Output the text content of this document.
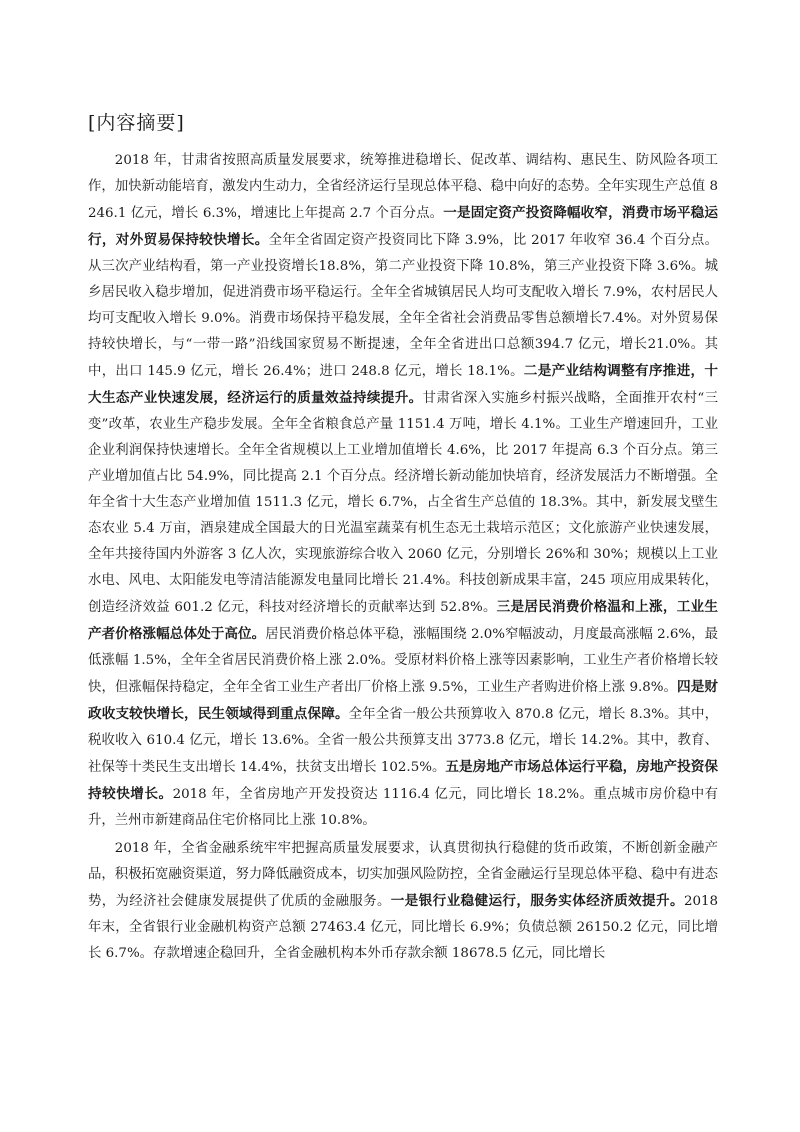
[内容摘要]

2018 年，甘肃省按照高质量发展要求，统筹推进稳增长、促改革、调结构、惠民生、防风险各项工作，加快新动能培育，激发内生动力，全省经济运行呈现总体平稳、稳中向好的态势。全年实现生产总值 8246.1 亿元，增长 6.3%，增速比上年提高 2.7 个百分点。一是固定资产投资降幅收窄，消费市场平稳运行，对外贸易保持较快增长。全年全省固定资产投资同比下降 3.9%，比 2017 年收窄 36.4 个百分点。从三次产业结构看，第一产业投资增长18.8%，第二产业投资下降 10.8%，第三产业投资下降 3.6%。城乡居民收入稳步增加，促进消费市场平稳运行。全年全省城镇居民人均可支配收入增长 7.9%，农村居民人均可支配收入增长 9.0%。消费市场保持平稳发展，全年全省社会消费品零售总额增长7.4%。对外贸易保持较快增长，与“一带一路”沿线国家贸易不断提速，全年全省进出口总额394.7 亿元，增长21.0%。其中，出口 145.9 亿元，增长 26.4%；进口 248.8 亿元，增长 18.1%。二是产业结构调整有序推进，十大生态产业快速发展，经济运行的质量效益持续提升。甘肃省深入实施乡村振兴战略，全面推开农村“三变”改革，农业生产稳步发展。全年全省粮食总产量 1151.4 万吨，增长 4.1%。工业生产增速回升，工业企业利润保持快速增长。全年全省规模以上工业增加值增长 4.6%，比 2017 年提高 6.3 个百分点。第三产业增加值占比 54.9%，同比提高 2.1 个百分点。经济增长新动能加快培育，经济发展活力不断增强。全年全省十大生态产业增加值 1511.3 亿元，增长 6.7%，占全省生产总值的 18.3%。其中，新发展戈壁生态农业 5.4 万亩，酒泉建成全国最大的日光温室蔬菜有机生态无土栽培示范区；文化旅游产业快速发展，全年共接待国内外游客 3 亿人次，实现旅游综合收入 2060 亿元，分别增长 26%和 30%；规模以上工业水电、风电、太阳能发电等清洁能源发电量同比增长 21.4%。科技创新成果丰富，245 项应用成果转化，创造经济效益 601.2 亿元，科技对经济增长的贡献率达到 52.8%。三是居民消费价格温和上涨，工业生产者价格涨幅总体处于高位。居民消费价格总体平稳，涨幅围绕 2.0%窄幅波动，月度最高涨幅 2.6%，最低涨幅 1.5%，全年全省居民消费价格上涨 2.0%。受原材料价格上涨等因素影响，工业生产者价格增长较快，但涨幅保持稳定，全年全省工业生产者出厂价格上涨 9.5%，工业生产者购进价格上涨 9.8%。四是财政收支较快增长，民生领域得到重点保障。全年全省一般公共预算收入 870.8 亿元，增长 8.3%。其中，税收收入 610.4 亿元，增长 13.6%。全省一般公共预算支出 3773.8 亿元，增长 14.2%。其中，教育、社保等十类民生支出增长 14.4%，扶贫支出增长 102.5%。五是房地产市场总体运行平稳，房地产投资保持较快增长。2018 年，全省房地产开发投资达 1116.4 亿元，同比增长 18.2%。重点城市房价稳中有升，兰州市新建商品住宅价格同比上涨 10.8%。

2018 年，全省金融系统牢牢把握高质量发展要求，认真贯彻执行稳健的货币政策，不断创新金融产品，积极拓宽融资渠道，努力降低融资成本，切实加强风险防控，全省金融运行呈现总体平稳、稳中有进态势，为经济社会健康发展提供了优质的金融服务。一是银行业稳健运行，服务实体经济质效提升。2018 年末，全省银行业金融机构资产总额 27463.4 亿元，同比增长 6.9%；负债总额 26150.2 亿元，同比增长 6.7%。存款增速企稳回升，全省金融机构本外币存款余额 18678.5 亿元，同比增长
